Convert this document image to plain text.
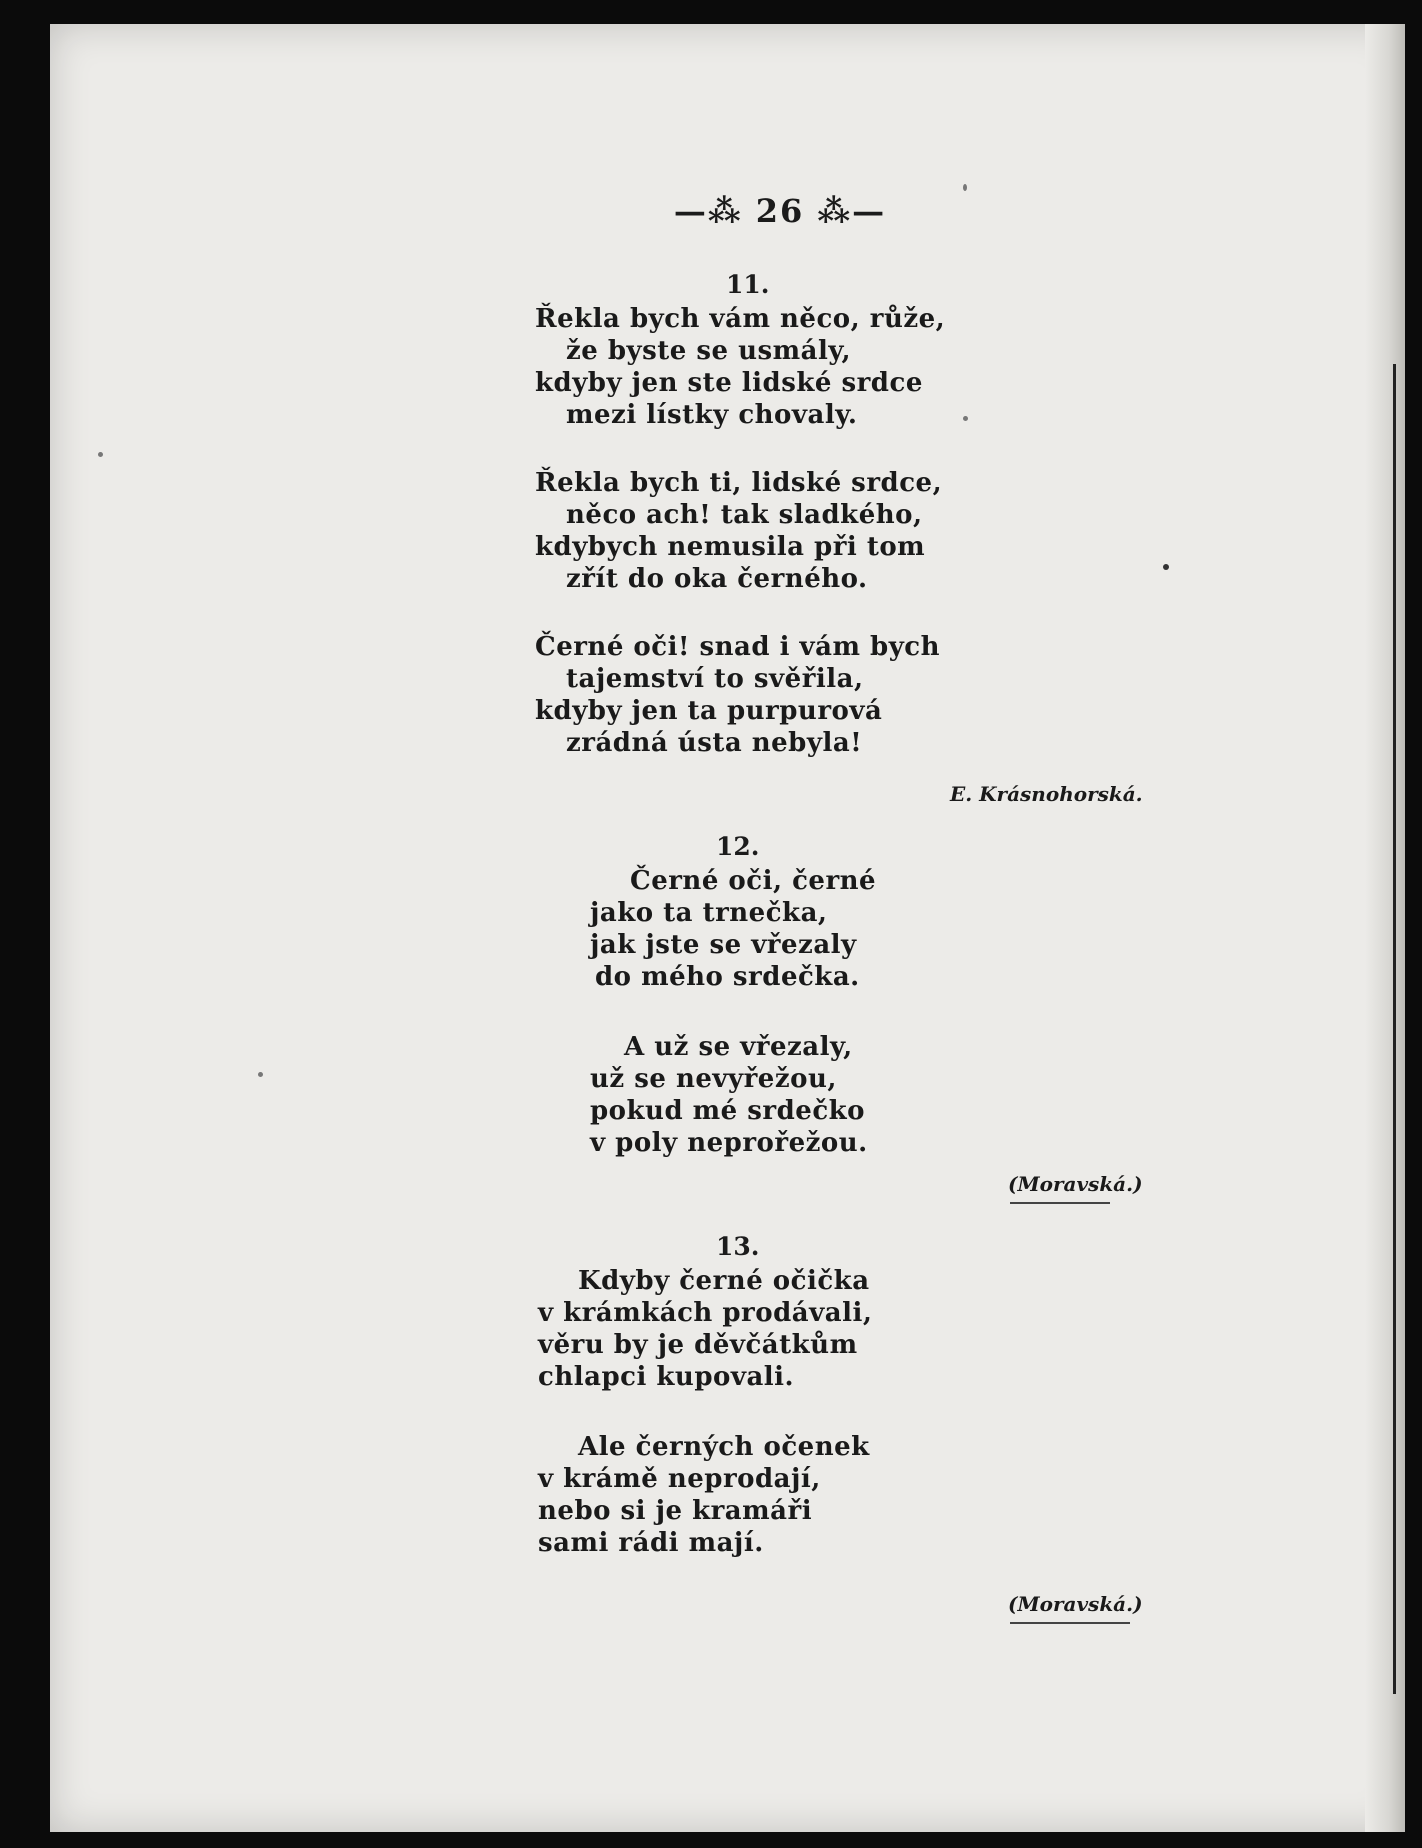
—⁂ 26 ⁂—
11.
Řekla bych vám něco, růže,
že byste se usmály,
kdyby jen ste lidské srdce
mezi lístky chovaly.
Řekla bych ti, lidské srdce,
něco ach! tak sladkého,
kdybych nemusila při tom
zřít do oka černého.
Černé oči! snad i vám bych
tajemství to svěřila,
kdyby jen ta purpurová
zrádná ústa nebyla!
E. Krásnohorská.
12.
Černé oči, černé
jako ta trnečka,
jak jste se vřezaly
do mého srdečka.
A už se vřezaly,
už se nevyřežou,
pokud mé srdečko
v poly neprořežou.
(Moravská.)
13.
Kdyby černé očička
v krámkách prodávali,
věru by je děvčátkům
chlapci kupovali.
Ale černých očenek
v krámě neprodají,
nebo si je kramáři
sami rádi mají.
(Moravská.)
